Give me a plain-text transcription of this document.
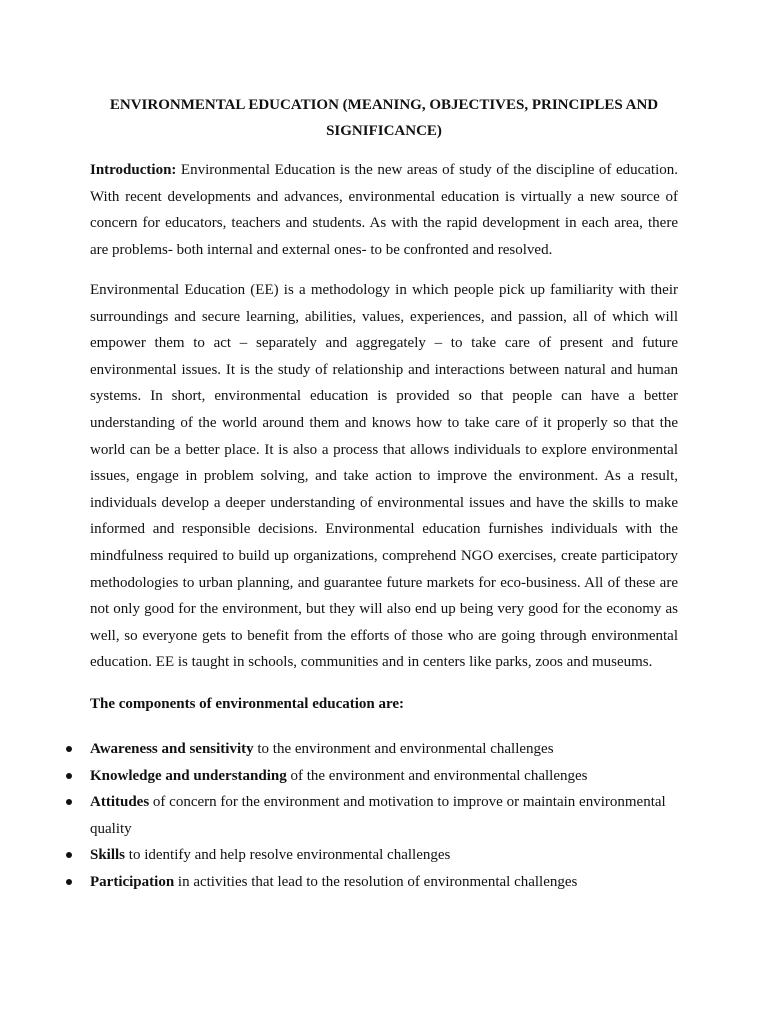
ENVIRONMENTAL EDUCATION (MEANING, OBJECTIVES, PRINCIPLES AND SIGNIFICANCE)

Introduction: Environmental Education is the new areas of study of the discipline of education. With recent developments and advances, environmental education is virtually a new source of concern for educators, teachers and students. As with the rapid development in each area, there are problems- both internal and external ones- to be confronted and resolved.

Environmental Education (EE) is a methodology in which people pick up familiarity with their surroundings and secure learning, abilities, values, experiences, and passion, all of which will empower them to act – separately and aggregately – to take care of present and future environmental issues. It is the study of relationship and interactions between natural and human systems. In short, environmental education is provided so that people can have a better understanding of the world around them and knows how to take care of it properly so that the world can be a better place. It is also a process that allows individuals to explore environmental issues, engage in problem solving, and take action to improve the environment. As a result, individuals develop a deeper understanding of environmental issues and have the skills to make informed and responsible decisions. Environmental education furnishes individuals with the mindfulness required to build up organizations, comprehend NGO exercises, create participatory methodologies to urban planning, and guarantee future markets for eco-business. All of these are not only good for the environment, but they will also end up being very good for the economy as well, so everyone gets to benefit from the efforts of those who are going through environmental education. EE is taught in schools, communities and in centers like parks, zoos and museums.

The components of environmental education are:

Awareness and sensitivity to the environment and environmental challenges
Knowledge and understanding of the environment and environmental challenges
Attitudes of concern for the environment and motivation to improve or maintain environmental quality
Skills to identify and help resolve environmental challenges
Participation in activities that lead to the resolution of environmental challenges
